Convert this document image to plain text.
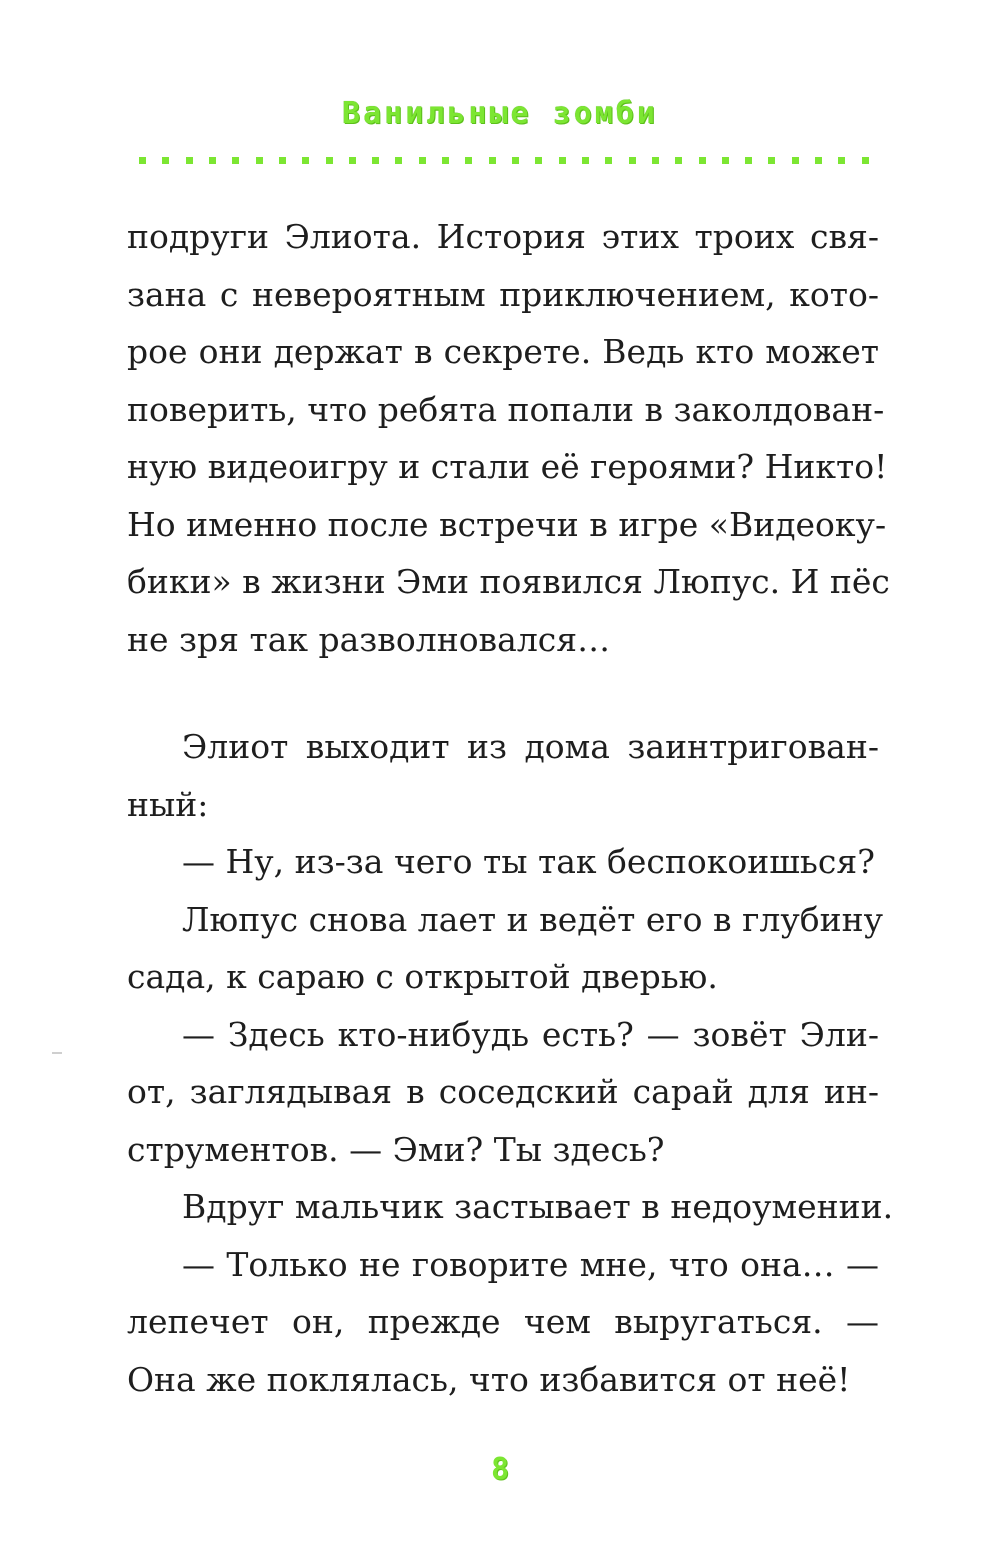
Ванильные зомби
подруги Элиота. История этих троих свя-
зана с невероятным приключением, кото-
рое они держат в секрете. Ведь кто может
поверить, что ребята попали в заколдован-
ную видеоигру и стали её героями? Никто!
Но именно после встречи в игре «Видеоку-
бики» в жизни Эми появился Люпус. И пёс
не зря так разволновался…
Элиот выходит из дома заинтригован-
ный:
— Ну, из-за чего ты так беспокоишься?
Люпус снова лает и ведёт его в глубину
сада, к сараю с открытой дверью.
— Здесь кто-нибудь есть? — зовёт Эли-
от, заглядывая в соседский сарай для ин-
струментов. — Эми? Ты здесь?
Вдруг мальчик застывает в недоумении.
— Только не говорите мне, что она… —
лепечет он, прежде чем выругаться. —
Она же поклялась, что избавится от неё!
8
